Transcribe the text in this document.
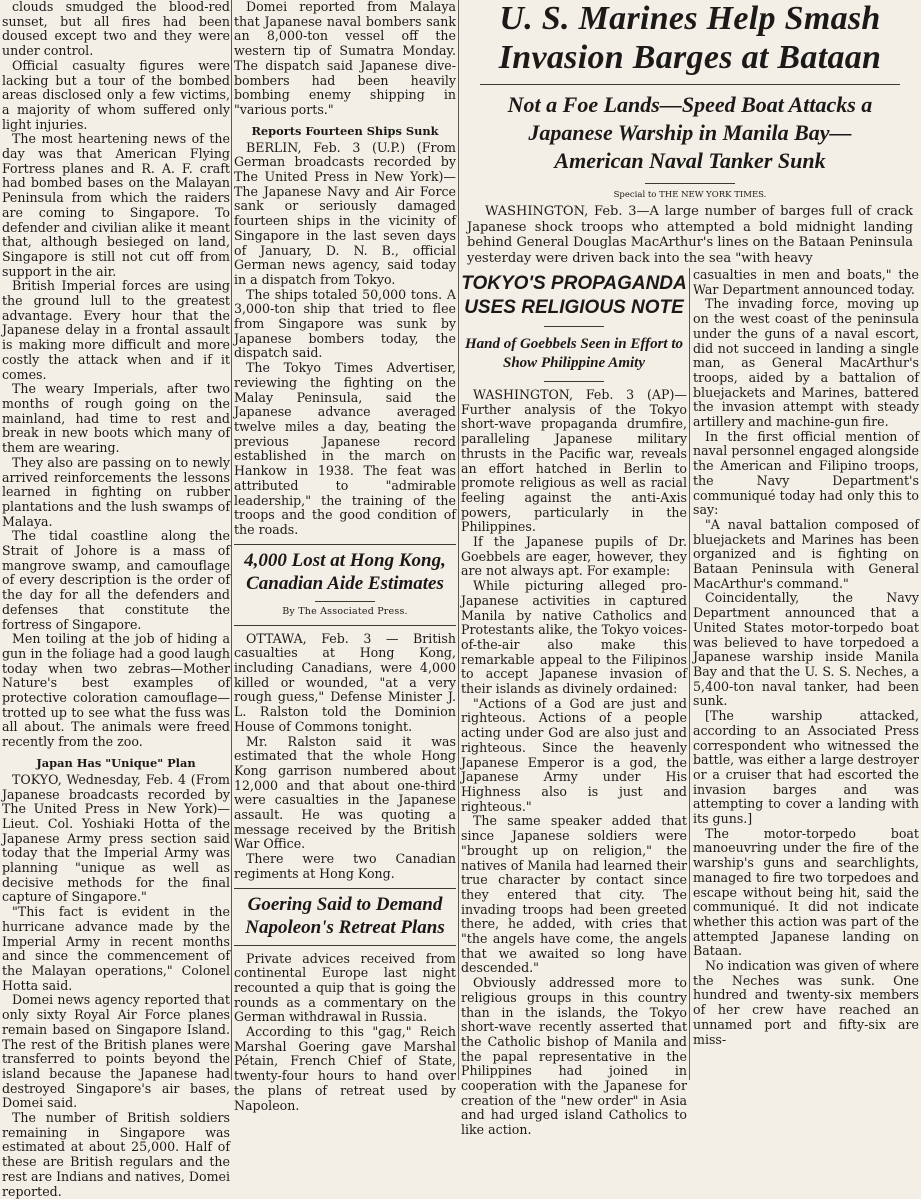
clouds smudged the blood-red sunset, but all fires had been doused except two and they were under control.

Official casualty figures were lacking but a tour of the bombed areas disclosed only a few victims, a majority of whom suffered only light injuries.

The most heartening news of the day was that American Flying Fortress planes and R. A. F. craft had bombed bases on the Malayan Peninsula from which the raiders are coming to Singapore. To defender and civilian alike it meant that, although besieged on land, Singapore is still not cut off from support in the air.

British Imperial forces are using the ground lull to the greatest advantage. Every hour that the Japanese delay in a frontal assault is making more difficult and more costly the attack when and if it comes.

The weary Imperials, after two months of rough going on the mainland, had time to rest and break in new boots which many of them are wearing.

They also are passing on to newly arrived reinforcements the lessons learned in fighting on rubber plantations and the lush swamps of Malaya.

The tidal coastline along the Strait of Johore is a mass of mangrove swamp, and camouflage of every description is the order of the day for all the defenders and defenses that constitute the fortress of Singapore.

Men toiling at the job of hiding a gun in the foliage had a good laugh today when two zebras—Mother Nature's best examples of protective coloration camouflage—trotted up to see what the fuss was all about. The animals were freed recently from the zoo.

Japan Has "Unique" Plan

TOKYO, Wednesday, Feb. 4 (From Japanese broadcasts recorded by The United Press in New York)—Lieut. Col. Yoshiaki Hotta of the Japanese Army press section said today that the Imperial Army was planning "unique as well as decisive methods for the final capture of Singapore."

"This fact is evident in the hurricane advance made by the Imperial Army in recent months and since the commencement of the Malayan operations," Colonel Hotta said.

Domei news agency reported that only sixty Royal Air Force planes remain based on Singapore Island. The rest of the British planes were transferred to points beyond the island because the Japanese had destroyed Singapore's air bases, Domei said.

The number of British soldiers remaining in Singapore was estimated at about 25,000. Half of these are British regulars and the rest are Indians and natives, Domei reported.

Domei reported from Malaya that Japanese naval bombers sank an 8,000-ton vessel off the western tip of Sumatra Monday. The dispatch said Japanese dive-bombers had been heavily bombing enemy shipping in "various ports."

Reports Fourteen Ships Sunk

BERLIN, Feb. 3 (U.P.) (From German broadcasts recorded by The United Press in New York)—The Japanese Navy and Air Force sank or seriously damaged fourteen ships in the vicinity of Singapore in the last seven days of January, D. N. B., official German news agency, said today in a dispatch from Tokyo.

The ships totaled 50,000 tons. A 3,000-ton ship that tried to flee from Singapore was sunk by Japanese bombers today, the dispatch said.

The Tokyo Times Advertiser, reviewing the fighting on the Malay Peninsula, said the Japanese advance averaged twelve miles a day, beating the previous Japanese record established in the march on Hankow in 1938. The feat was attributed to "admirable leadership," the training of the troops and the good condition of the roads.

4,000 Lost at Hong Kong, Canadian Aide Estimates
By The Associated Press.

OTTAWA, Feb. 3 — British casualties at Hong Kong, including Canadians, were 4,000 killed or wounded, "at a very rough guess," Defense Minister J. L. Ralston told the Dominion House of Commons tonight.

Mr. Ralston said it was estimated that the whole Hong Kong garrison numbered about 12,000 and that about one-third were casualties in the Japanese assault. He was quoting a message received by the British War Office.

There were two Canadian regiments at Hong Kong.

Goering Said to Demand Napoleon's Retreat Plans

Private advices received from continental Europe last night recounted a quip that is going the rounds as a commentary on the German withdrawal in Russia.

According to this "gag," Reich Marshal Goering gave Marshal Pétain, French Chief of State, twenty-four hours to hand over the plans of retreat used by Napoleon.

U. S. Marines Help Smash
Invasion Barges at Bataan
Not a Foe Lands—Speed Boat Attacks a
Japanese Warship in Manila Bay—
American Naval Tanker Sunk
Special to THE NEW YORK TIMES.
WASHINGTON, Feb. 3—A large number of barges full of crack Japanese shock troops who attempted a bold midnight landing behind General Douglas MacArthur's lines on the Bataan Peninsula yesterday were driven back into the sea "with heavy
TOKYO'S PROPAGANDA USES RELIGIOUS NOTE
Hand of Goebbels Seen in Effort to Show Philippine Amity

WASHINGTON, Feb. 3 (AP)—Further analysis of the Tokyo short-wave propaganda drumfire, paralleling Japanese military thrusts in the Pacific war, reveals an effort hatched in Berlin to promote religious as well as racial feeling against the anti-Axis powers, particularly in the Philippines.

If the Japanese pupils of Dr. Goebbels are eager, however, they are not always apt. For example:

While picturing alleged pro-Japanese activities in captured Manila by native Catholics and Protestants alike, the Tokyo voices-of-the-air also make this remarkable appeal to the Filipinos to accept Japanese invasion of their islands as divinely ordained:

"Actions of a God are just and righteous. Actions of a people acting under God are also just and righteous. Since the heavenly Japanese Emperor is a god, the Japanese Army under His Highness also is just and righteous."

The same speaker added that since Japanese soldiers were "brought up on religion," the natives of Manila had learned their true character by contact since they entered that city. The invading troops had been greeted there, he added, with cries that "the angels have come, the angels that we awaited so long have descended."

Obviously addressed more to religious groups in this country than in the islands, the Tokyo short-wave recently asserted that the Catholic bishop of Manila and the papal representative in the Philippines had joined in cooperation with the Japanese for creation of the "new order" in Asia and had urged island Catholics to like action.

casualties in men and boats," the War Department announced today.

The invading force, moving up on the west coast of the peninsula under the guns of a naval escort, did not succeed in landing a single man, as General MacArthur's troops, aided by a battalion of bluejackets and Marines, battered the invasion attempt with steady artillery and machine-gun fire.

In the first official mention of naval personnel engaged alongside the American and Filipino troops, the Navy Department's communiqué today had only this to say:

"A naval battalion composed of bluejackets and Marines has been organized and is fighting on Bataan Peninsula with General MacArthur's command."

Coincidentally, the Navy Department announced that a United States motor-torpedo boat was believed to have torpedoed a Japanese warship inside Manila Bay and that the U. S. S. Neches, a 5,400-ton naval tanker, had been sunk.

[The warship attacked, according to an Associated Press correspondent who witnessed the battle, was either a large destroyer or a cruiser that had escorted the invasion barges and was attempting to cover a landing with its guns.]

The motor-torpedo boat manoeuvring under the fire of the warship's guns and searchlights, managed to fire two torpedoes and escape without being hit, said the communiqué. It did not indicate whether this action was part of the attempted Japanese landing on Bataan.

No indication was given of where the Neches was sunk. One hundred and twenty-six members of her crew have reached an unnamed port and fifty-six are miss-
